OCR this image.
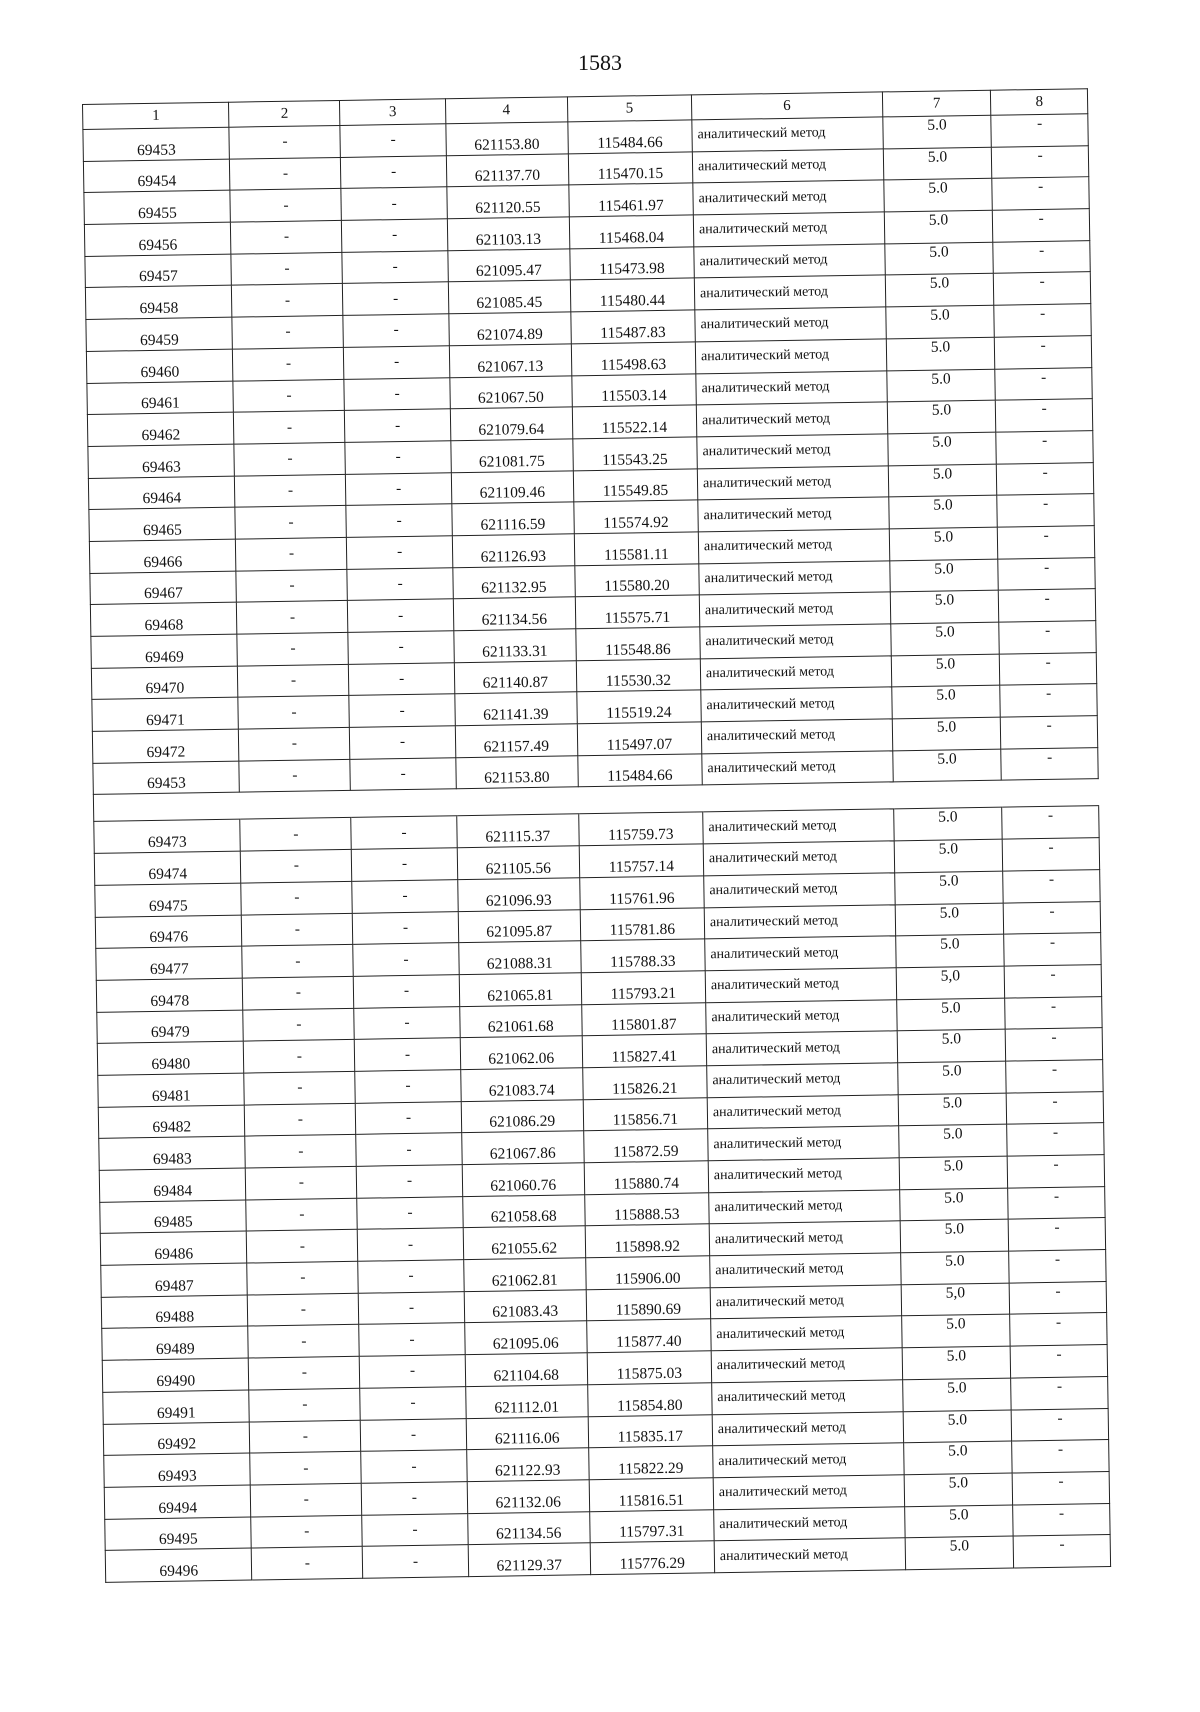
1583
1	2	3	4	5	6	7	8
69453	-	-	621153.80	115484.66	аналитический метод	5.0	-
69454	-	-	621137.70	115470.15	аналитический метод	5.0	-
69455	-	-	621120.55	115461.97	аналитический метод	5.0	-
69456	-	-	621103.13	115468.04	аналитический метод	5.0	-
69457	-	-	621095.47	115473.98	аналитический метод	5.0	-
69458	-	-	621085.45	115480.44	аналитический метод	5.0	-
69459	-	-	621074.89	115487.83	аналитический метод	5.0	-
69460	-	-	621067.13	115498.63	аналитический метод	5.0	-
69461	-	-	621067.50	115503.14	аналитический метод	5.0	-
69462	-	-	621079.64	115522.14	аналитический метод	5.0	-
69463	-	-	621081.75	115543.25	аналитический метод	5.0	-
69464	-	-	621109.46	115549.85	аналитический метод	5.0	-
69465	-	-	621116.59	115574.92	аналитический метод	5.0	-
69466	-	-	621126.93	115581.11	аналитический метод	5.0	-
69467	-	-	621132.95	115580.20	аналитический метод	5.0	-
69468	-	-	621134.56	115575.71	аналитический метод	5.0	-
69469	-	-	621133.31	115548.86	аналитический метод	5.0	-
69470	-	-	621140.87	115530.32	аналитический метод	5.0	-
69471	-	-	621141.39	115519.24	аналитический метод	5.0	-
69472	-	-	621157.49	115497.07	аналитический метод	5.0	-
69453	-	-	621153.80	115484.66	аналитический метод	5.0	-

69473	-	-	621115.37	115759.73	аналитический метод	5.0	-
69474	-	-	621105.56	115757.14	аналитический метод	5.0	-
69475	-	-	621096.93	115761.96	аналитический метод	5.0	-
69476	-	-	621095.87	115781.86	аналитический метод	5.0	-
69477	-	-	621088.31	115788.33	аналитический метод	5.0	-
69478	-	-	621065.81	115793.21	аналитический метод	5,0	-
69479	-	-	621061.68	115801.87	аналитический метод	5.0	-
69480	-	-	621062.06	115827.41	аналитический метод	5.0	-
69481	-	-	621083.74	115826.21	аналитический метод	5.0	-
69482	-	-	621086.29	115856.71	аналитический метод	5.0	-
69483	-	-	621067.86	115872.59	аналитический метод	5.0	-
69484	-	-	621060.76	115880.74	аналитический метод	5.0	-
69485	-	-	621058.68	115888.53	аналитический метод	5.0	-
69486	-	-	621055.62	115898.92	аналитический метод	5.0	-
69487	-	-	621062.81	115906.00	аналитический метод	5.0	-
69488	-	-	621083.43	115890.69	аналитический метод	5,0	-
69489	-	-	621095.06	115877.40	аналитический метод	5.0	-
69490	-	-	621104.68	115875.03	аналитический метод	5.0	-
69491	-	-	621112.01	115854.80	аналитический метод	5.0	-
69492	-	-	621116.06	115835.17	аналитический метод	5.0	-
69493	-	-	621122.93	115822.29	аналитический метод	5.0	-
69494	-	-	621132.06	115816.51	аналитический метод	5.0	-
69495	-	-	621134.56	115797.31	аналитический метод	5.0	-
69496	-	-	621129.37	115776.29	аналитический метод	5.0	-
